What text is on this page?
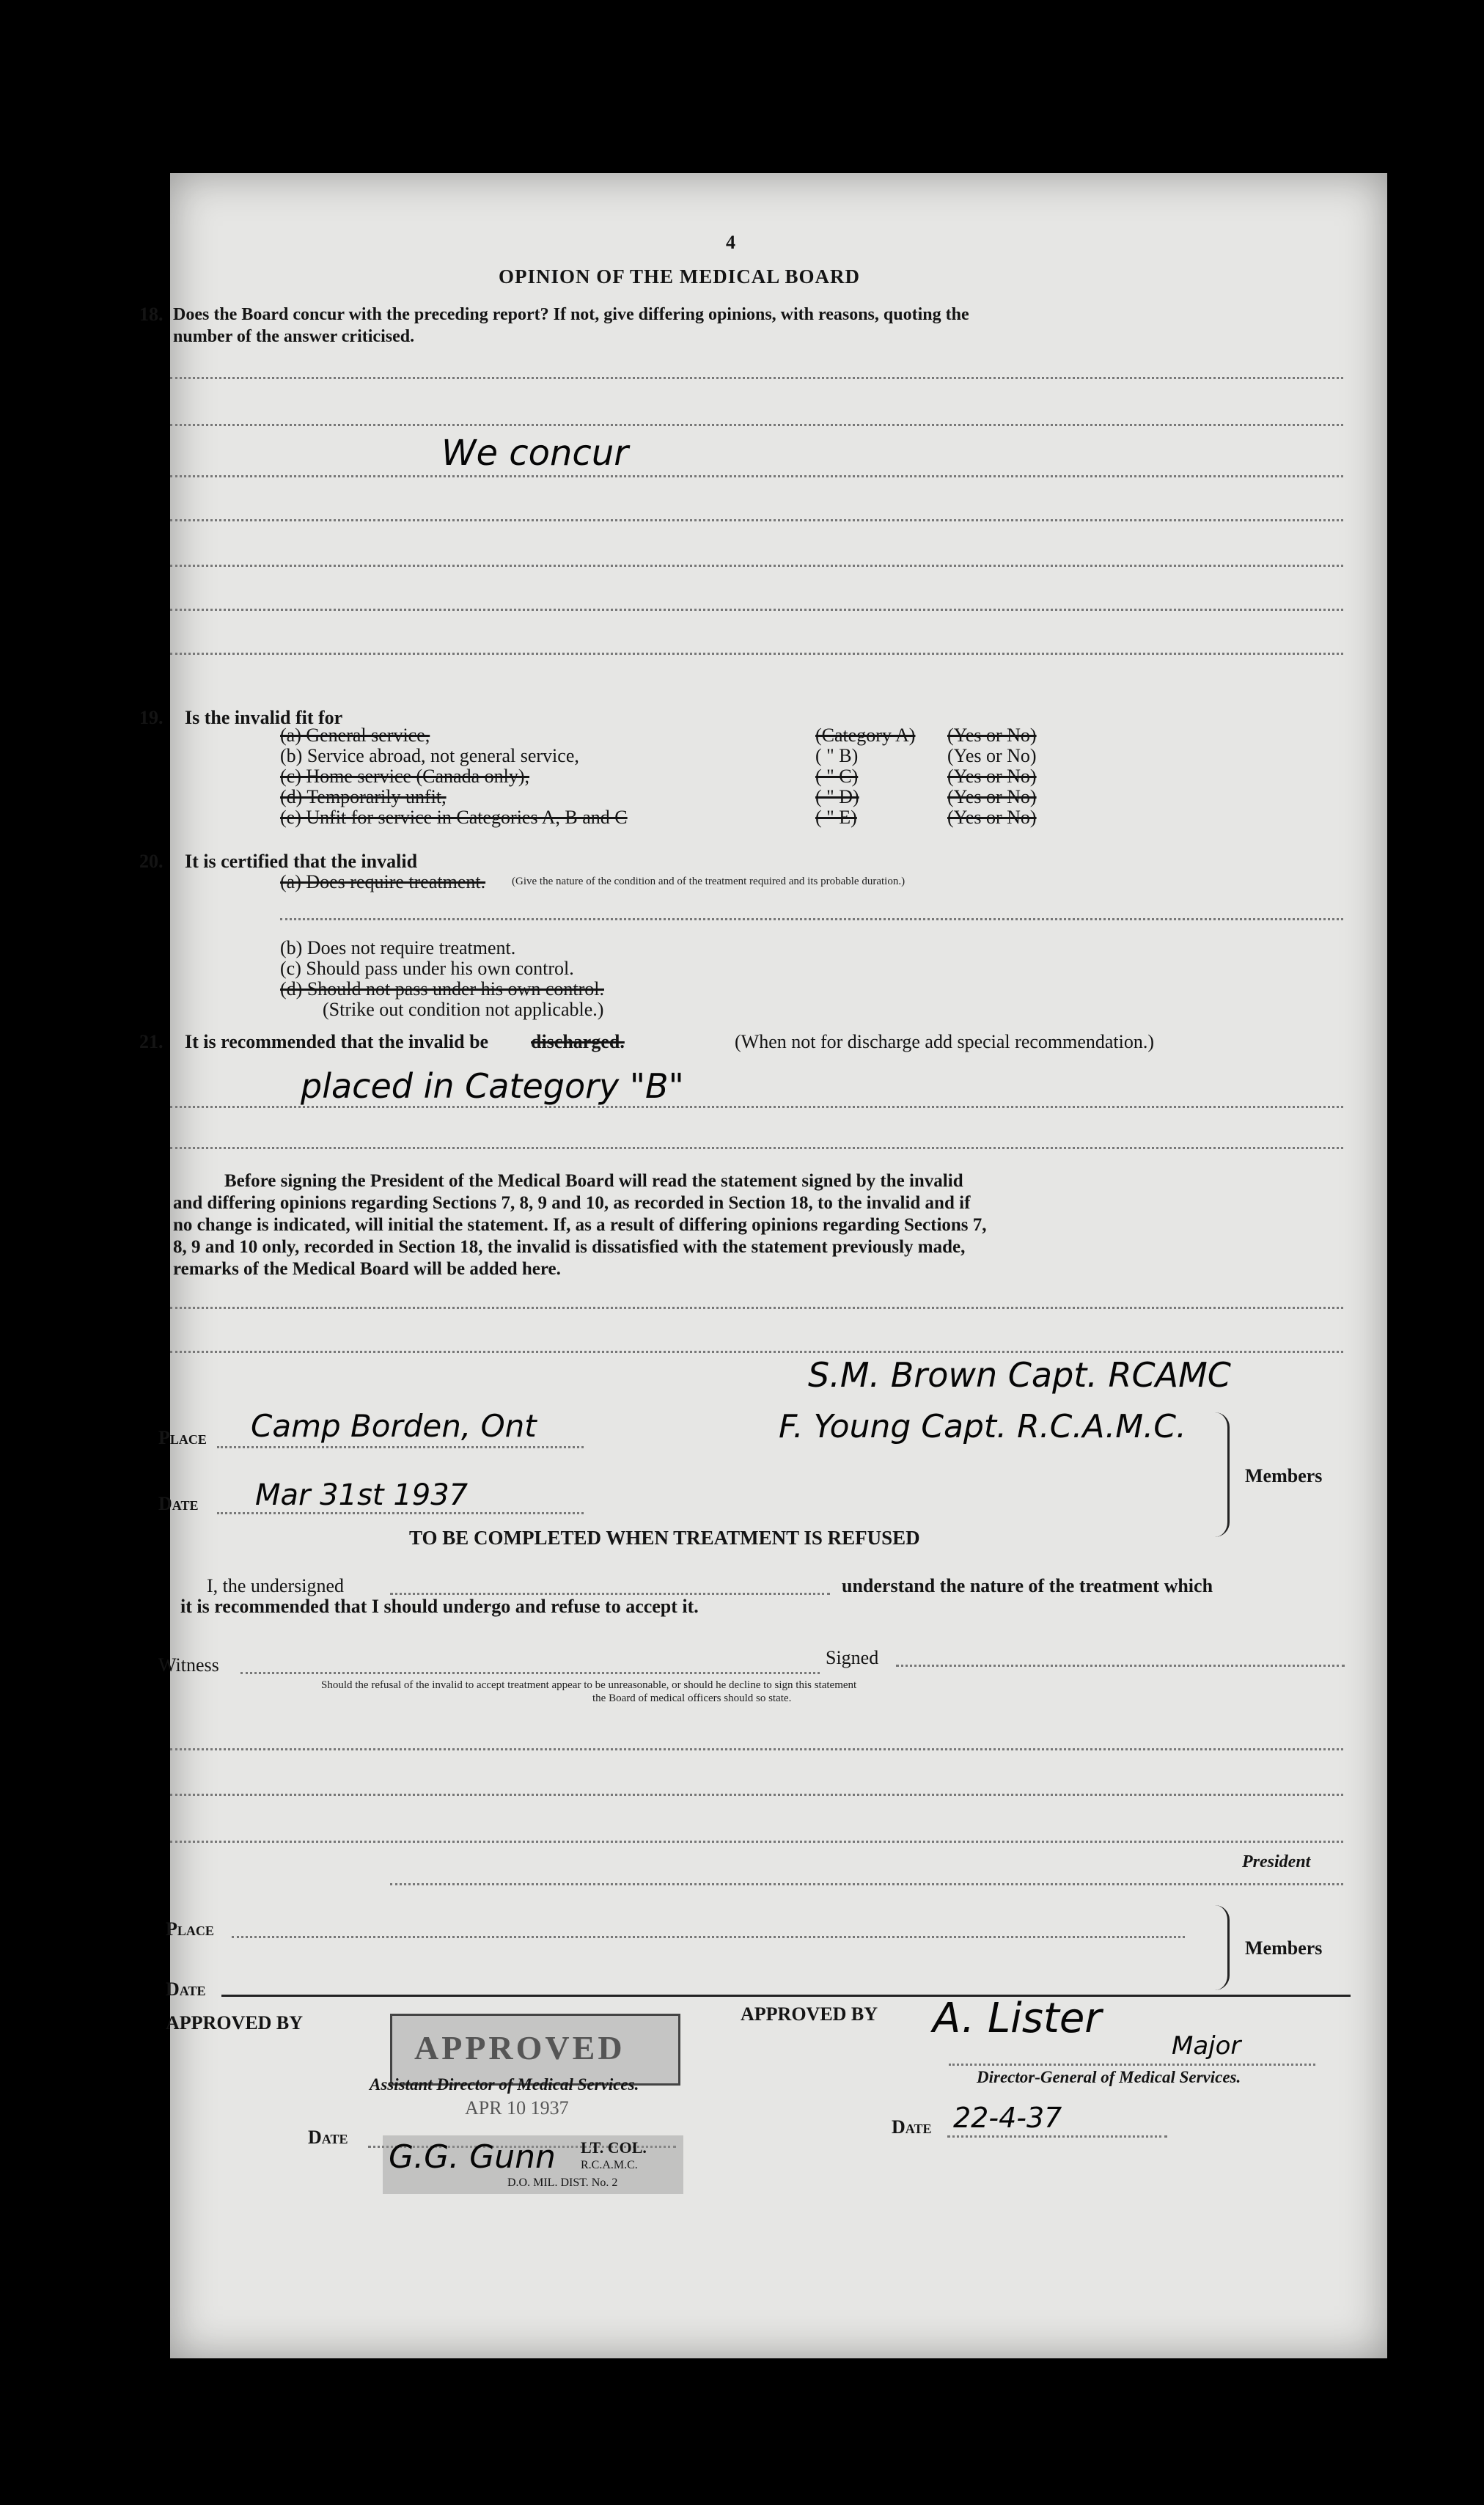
4
OPINION OF THE MEDICAL BOARD
18. Does the Board concur with the preceding report? If not, give differing opinions, with reasons, quoting the
number of the answer criticised.
We concur
19. Is the invalid fit for
(a) General service,	(Category A) (Yes or No)
(b) Service abroad, not general service,	( " B)	(Yes or No)
(c) Home service (Canada only),	( " C)	(Yes or No)
(d) Temporarily unfit,	( " D)	(Yes or No)
(e) Unfit for service in Categories A, B and C	( " E)	(Yes or No)
20. It is certified that the invalid
(a) Does require treatment. (Give the nature of the condition and of the treatment required and its probable duration.)
(b) Does not require treatment.
(c) Should pass under his own control.
(d) Should not pass under his own control.
(Strike out condition not applicable.)
21. It is recommended that the invalid be discharged.	(When not for discharge add special recommendation.)
placed in Category "B"
Before signing the President of the Medical Board will read the statement signed by the invalid
and differing opinions regarding Sections 7, 8, 9 and 10, as recorded in Section 18, to the invalid and if
no change is indicated, will initial the statement. If, as a result of differing opinions regarding Sections 7,
8, 9 and 10 only, recorded in Section 18, the invalid is dissatisfied with the statement previously made,
remarks of the Medical Board will be added here.
S.M. Brown Capt. RCAMC
F. Young Capt. R.C.A.M.C.
Members
Place Camp Borden, Ont
Date Mar 31st 1937
TO BE COMPLETED WHEN TREATMENT IS REFUSED
I, the undersigned	understand the nature of the treatment which
it is recommended that I should undergo and refuse to accept it.
Witness	Signed
Should the refusal of the invalid to accept treatment appear to be unreasonable, or should he decline to sign this statement
the Board of medical officers should so state.
President
Place
Members
Date
APPROVED BY
APPROVED
Assistant Director of Medical Services.
APR 10 1937
Date
G.G. Gunn LT. COL.
R.C.A.M.C.
D.O. MIL. DIST. No. 2
APPROVED BY A. Lister
Major
Director-General of Medical Services.
Date 22-4-37
